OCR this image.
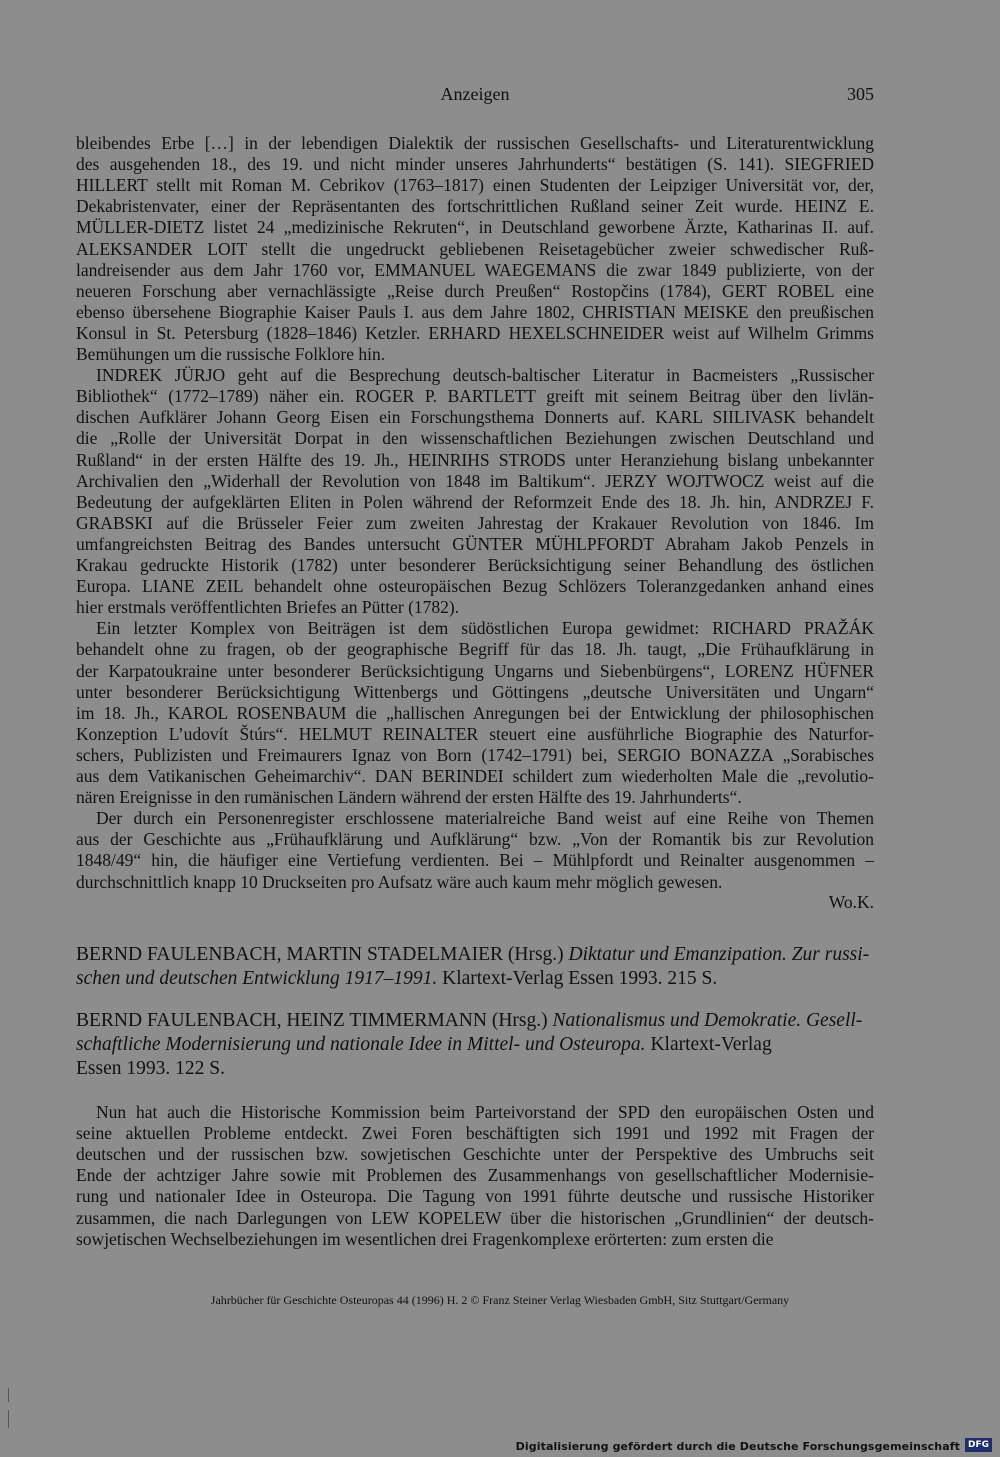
Anzeigen	305
bleibendes Erbe […] in der lebendigen Dialektik der russischen Gesellschafts- und Literaturentwicklung
des ausgehenden 18., des 19. und nicht minder unseres Jahrhunderts“ bestätigen (S. 141). SIEGFRIED
HILLERT stellt mit Roman M. Cebrikov (1763–1817) einen Studenten der Leipziger Universität vor, der,
Dekabristenvater, einer der Repräsentanten des fortschrittlichen Rußland seiner Zeit wurde. HEINZ E.
MÜLLER-DIETZ listet 24 „medizinische Rekruten“, in Deutschland geworbene Ärzte, Katharinas II. auf.
ALEKSANDER LOIT stellt die ungedruckt gebliebenen Reisetagebücher zweier schwedischer Ruß-
landreisender aus dem Jahr 1760 vor, EMMANUEL WAEGEMANS die zwar 1849 publizierte, von der
neueren Forschung aber vernachlässigte „Reise durch Preußen“ Rostopčins (1784), GERT ROBEL eine
ebenso übersehene Biographie Kaiser Pauls I. aus dem Jahre 1802, CHRISTIAN MEISKE den preußischen
Konsul in St. Petersburg (1828–1846) Ketzler. ERHARD HEXELSCHNEIDER weist auf Wilhelm Grimms
Bemühungen um die russische Folklore hin.
INDREK JÜRJO geht auf die Besprechung deutsch-baltischer Literatur in Bacmeisters „Russischer
Bibliothek“ (1772–1789) näher ein. ROGER P. BARTLETT greift mit seinem Beitrag über den livlän-
dischen Aufklärer Johann Georg Eisen ein Forschungsthema Donnerts auf. KARL SIILIVASK behandelt
die „Rolle der Universität Dorpat in den wissenschaftlichen Beziehungen zwischen Deutschland und
Rußland“ in der ersten Hälfte des 19. Jh., HEINRIHS STRODS unter Heranziehung bislang unbekannter
Archivalien den „Widerhall der Revolution von 1848 im Baltikum“. JERZY WOJTWOCZ weist auf die
Bedeutung der aufgeklärten Eliten in Polen während der Reformzeit Ende des 18. Jh. hin, ANDRZEJ F.
GRABSKI auf die Brüsseler Feier zum zweiten Jahrestag der Krakauer Revolution von 1846. Im
umfangreichsten Beitrag des Bandes untersucht GÜNTER MÜHLPFORDT Abraham Jakob Penzels in
Krakau gedruckte Historik (1782) unter besonderer Berücksichtigung seiner Behandlung des östlichen
Europa. LIANE ZEIL behandelt ohne osteuropäischen Bezug Schlözers Toleranzgedanken anhand eines
hier erstmals veröffentlichten Briefes an Pütter (1782).
Ein letzter Komplex von Beiträgen ist dem südöstlichen Europa gewidmet: RICHARD PRAŽÁK
behandelt ohne zu fragen, ob der geographische Begriff für das 18. Jh. taugt, „Die Frühaufklärung in
der Karpatoukraine unter besonderer Berücksichtigung Ungarns und Siebenbürgens“, LORENZ HÜFNER
unter besonderer Berücksichtigung Wittenbergs und Göttingens „deutsche Universitäten und Ungarn“
im 18. Jh., KAROL ROSENBAUM die „hallischen Anregungen bei der Entwicklung der philosophischen
Konzeption L’udovít Štúrs“. HELMUT REINALTER steuert eine ausführliche Biographie des Naturfor-
schers, Publizisten und Freimaurers Ignaz von Born (1742–1791) bei, SERGIO BONAZZA „Sorabisches
aus dem Vatikanischen Geheimarchiv“. DAN BERINDEI schildert zum wiederholten Male die „revolutio-
nären Ereignisse in den rumänischen Ländern während der ersten Hälfte des 19. Jahrhunderts“.
Der durch ein Personenregister erschlossene materialreiche Band weist auf eine Reihe von Themen
aus der Geschichte aus „Frühaufklärung und Aufklärung“ bzw. „Von der Romantik bis zur Revolution
1848/49“ hin, die häufiger eine Vertiefung verdienten. Bei – Mühlpfordt und Reinalter ausgenommen –
durchschnittlich knapp 10 Druckseiten pro Aufsatz wäre auch kaum mehr möglich gewesen.
Wo.K.
Nun hat auch die Historische Kommission beim Parteivorstand der SPD den europäischen Osten und
seine aktuellen Probleme entdeckt. Zwei Foren beschäftigten sich 1991 und 1992 mit Fragen der
deutschen und der russischen bzw. sowjetischen Geschichte unter der Perspektive des Umbruchs seit
Ende der achtziger Jahre sowie mit Problemen des Zusammenhangs von gesellschaftlicher Modernisie-
rung und nationaler Idee in Osteuropa. Die Tagung von 1991 führte deutsche und russische Historiker
zusammen, die nach Darlegungen von LEW KOPELEW über die historischen „Grundlinien“ der deutsch-
sowjetischen Wechselbeziehungen im wesentlichen drei Fragenkomplexe erörterten: zum ersten die
BERND FAULENBACH, MARTIN STADELMAIER (Hrsg.) Diktatur und Emanzipation. Zur russi-
schen und deutschen Entwicklung 1917–1991. Klartext-Verlag Essen 1993. 215 S.
BERND FAULENBACH, HEINZ TIMMERMANN (Hrsg.) Nationalismus und Demokratie. Gesell-
schaftliche Modernisierung und nationale Idee in Mittel- und Osteuropa. Klartext-Verlag
Essen 1993. 122 S.
Jahrbücher für Geschichte Osteuropas 44 (1996) H. 2 © Franz Steiner Verlag Wiesbaden GmbH, Sitz Stuttgart/Germany
Digitalisierung gefördert durch die Deutsche Forschungsgemeinschaft DFG
